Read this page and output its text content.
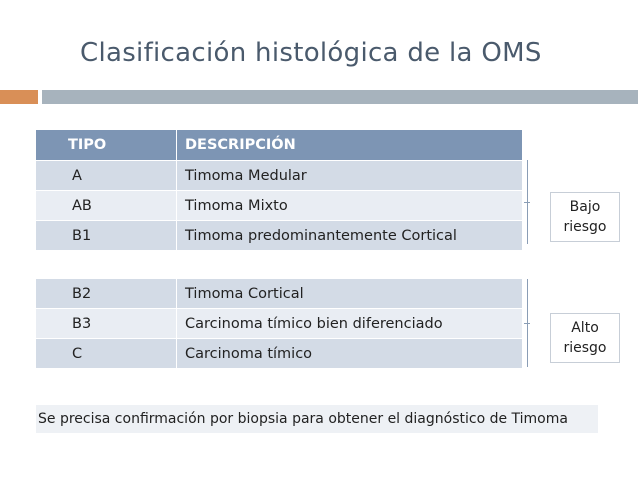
Clasificación histológica de la OMS
TIPO	DESCRIPCIÓN
A	Timoma Medular
AB	Timoma Mixto
B1	Timoma predominantemente Cortical
B2	Timoma Cortical
B3	Carcinoma tímico bien diferenciado
C	Carcinoma tímico
Bajo
riesgo
Alto
riesgo
Se precisa confirmación por biopsia para obtener el diagnóstico de Timoma
